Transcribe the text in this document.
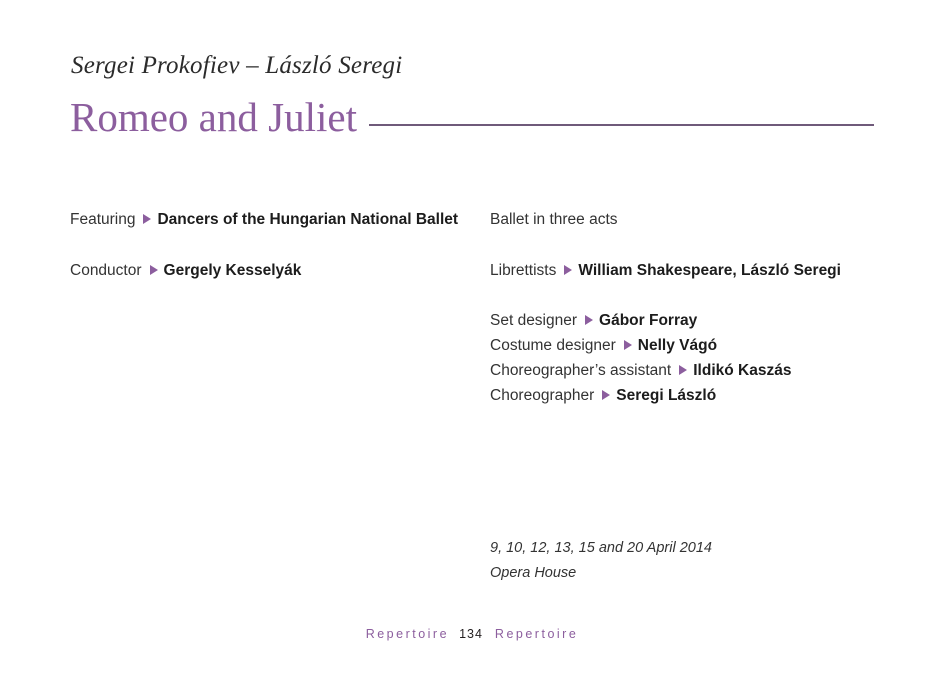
Sergei Prokofiev – László Seregi
Romeo and Juliet
Featuring Dancers of the Hungarian National Ballet
Conductor Gergely Kesselyák
Ballet in three acts
Librettists William Shakespeare, László Seregi
Set designer Gábor Forray
Costume designer Nelly Vágó
Choreographer’s assistant Ildikó Kaszás
Choreographer Seregi László
9, 10, 12, 13, 15 and 20 April 2014
Opera House
Repertoire 134 Repertoire
